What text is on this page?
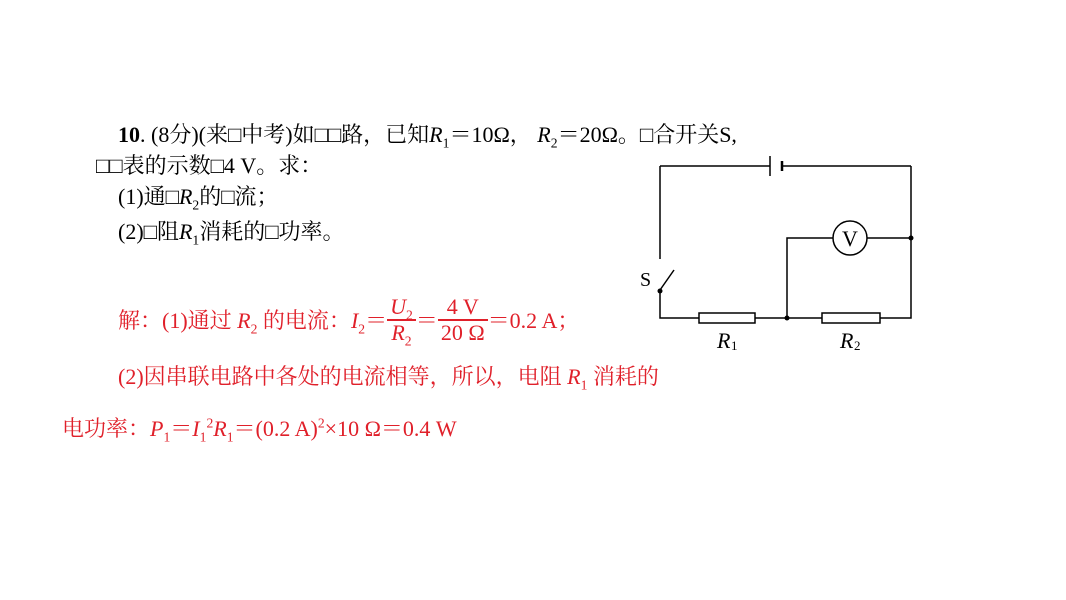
10. (8分)(来□中考)如□□路，已知$R_1=10\Omega$， $R_2=20\Omega$。□合开关S,
□□表的示数□4 V。求：
(1)通$□R_2$的□流；
(2)□阻$R_1$消耗的□功率。
解：(1)通过 $R_2$ 的电流：$I_2= \frac{U_2}{R_2} = \frac{4 V}{20 \Omega} =0.2$ A；
(2)因串联电路中各处的电流相等，所以，电阻 $R_1$ 消耗的
电功率：$P_1=I_1^2R_1=(0.2$ A)$^2$×10 Ω＝0.4 W
V
S
R 1	R 2
